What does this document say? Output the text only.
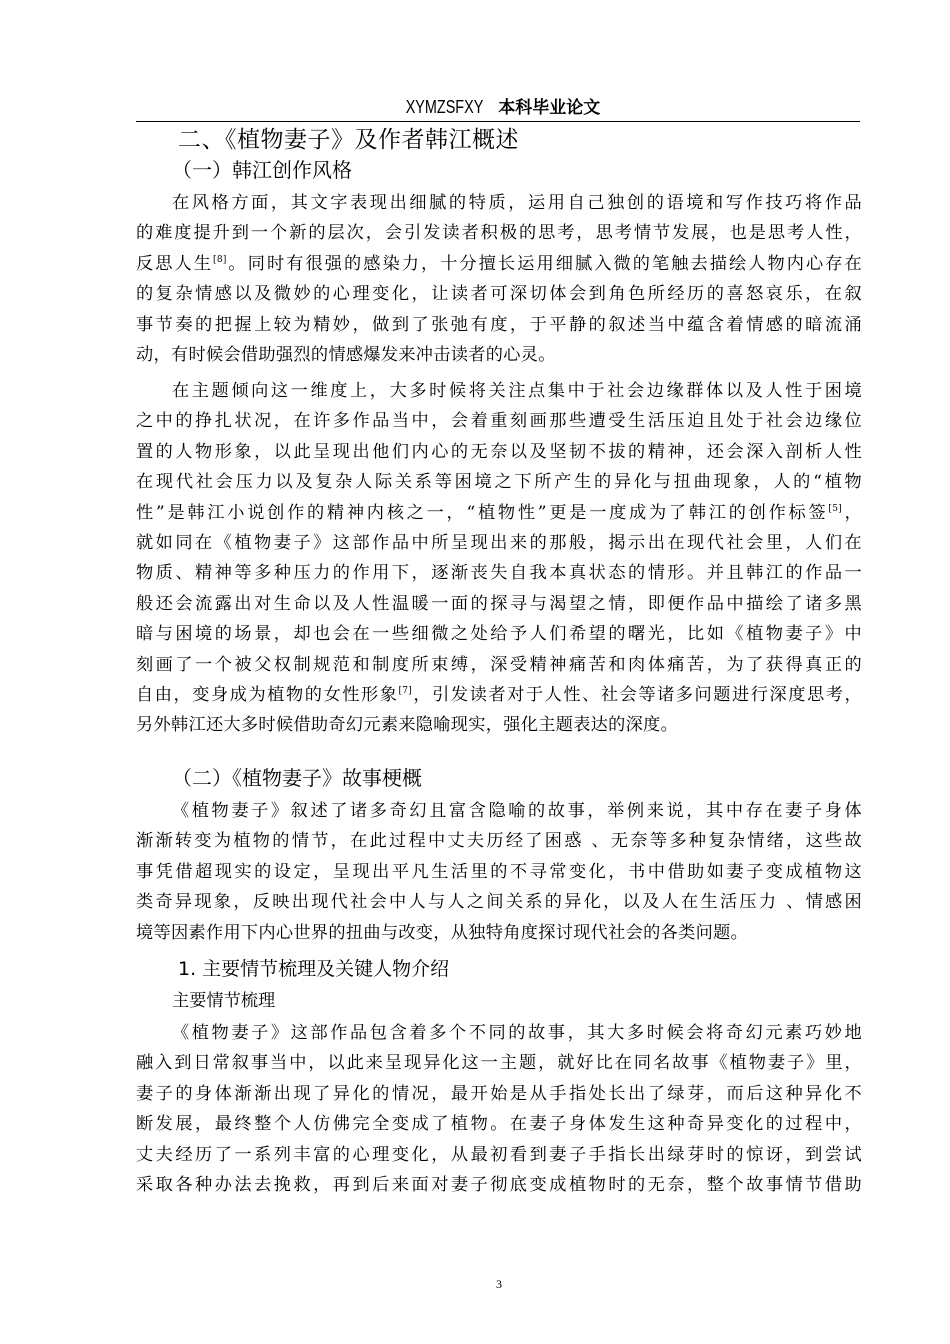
XYMZSFXY 本科毕业论文
二、《植物妻子》及作者韩江概述
（一）韩江创作风格
在风格方面，其文字表现出细腻的特质，运用自己独创的语境和写作技巧将作品
的难度提升到一个新的层次，会引发读者积极的思考，思考情节发展，也是思考人性，
反思人生[8]。同时有很强的感染力，十分擅长运用细腻入微的笔触去描绘人物内心存在
的复杂情感以及微妙的心理变化，让读者可深切体会到角色所经历的喜怒哀乐，在叙
事节奏的把握上较为精妙，做到了张弛有度，于平静的叙述当中蕴含着情感的暗流涌
动，有时候会借助强烈的情感爆发来冲击读者的心灵。
在主题倾向这一维度上，大多时候将关注点集中于社会边缘群体以及人性于困境
之中的挣扎状况，在许多作品当中，会着重刻画那些遭受生活压迫且处于社会边缘位
置的人物形象，以此呈现出他们内心的无奈以及坚韧不拔的精神，还会深入剖析人性
在现代社会压力以及复杂人际关系等困境之下所产生的异化与扭曲现象，人的“植物
性”是韩江小说创作的精神内核之一，“植物性”更是一度成为了韩江的创作标签[5]，
就如同在《植物妻子》这部作品中所呈现出来的那般，揭示出在现代社会里，人们在
物质、精神等多种压力的作用下，逐渐丧失自我本真状态的情形。并且韩江的作品一
般还会流露出对生命以及人性温暖一面的探寻与渴望之情，即便作品中描绘了诸多黑
暗与困境的场景，却也会在一些细微之处给予人们希望的曙光，比如《植物妻子》中
刻画了一个被父权制规范和制度所束缚，深受精神痛苦和肉体痛苦，为了获得真正的
自由，变身成为植物的女性形象[7]，引发读者对于人性、社会等诸多问题进行深度思考，
另外韩江还大多时候借助奇幻元素来隐喻现实，强化主题表达的深度。
（二）《植物妻子》故事梗概
《植物妻子》叙述了诸多奇幻且富含隐喻的故事，举例来说，其中存在妻子身体
渐渐转变为植物的情节，在此过程中丈夫历经了困惑 、无奈等多种复杂情绪，这些故
事凭借超现实的设定，呈现出平凡生活里的不寻常变化，书中借助如妻子变成植物这
类奇异现象，反映出现代社会中人与人之间关系的异化，以及人在生活压力 、情感困
境等因素作用下内心世界的扭曲与改变，从独特角度探讨现代社会的各类问题。
1. 主要情节梳理及关键人物介绍
主要情节梳理
《植物妻子》这部作品包含着多个不同的故事，其大多时候会将奇幻元素巧妙地
融入到日常叙事当中，以此来呈现异化这一主题，就好比在同名故事《植物妻子》里，
妻子的身体渐渐出现了异化的情况，最开始是从手指处长出了绿芽，而后这种异化不
断发展，最终整个人仿佛完全变成了植物。在妻子身体发生这种奇异变化的过程中，
丈夫经历了一系列丰富的心理变化，从最初看到妻子手指长出绿芽时的惊讶，到尝试
采取各种办法去挽救，再到后来面对妻子彻底变成植物时的无奈，整个故事情节借助
3
